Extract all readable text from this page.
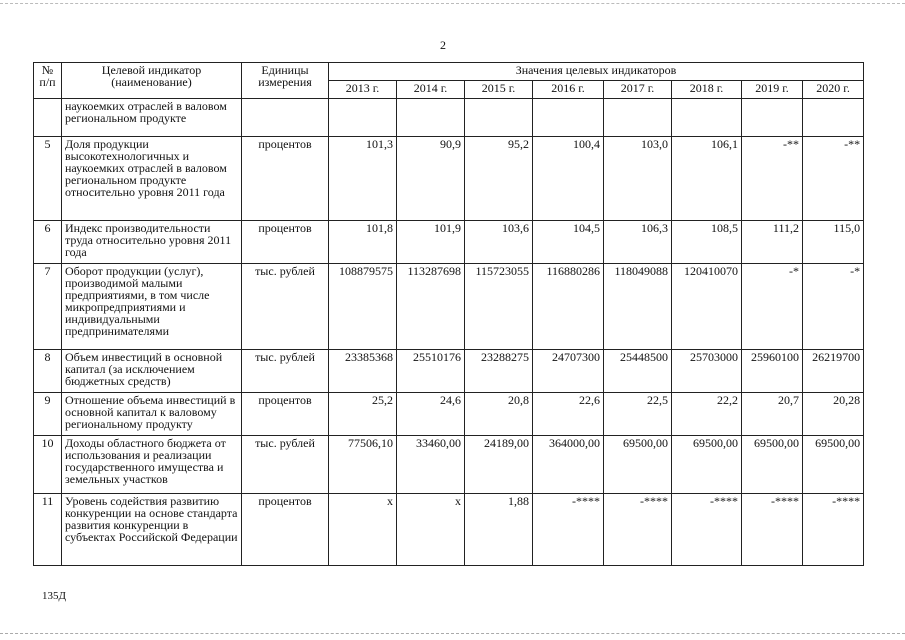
2
№ п/п	Целевой индикатор (наименование)	Единицы измерения	Значения целевых индикаторов							
			2013 г.	2014 г.	2015 г.	2016 г.	2017 г.	2018 г.	2019 г.	2020 г.
	наукоемких отраслей в валовом региональном продукте									
5	Доля продукции высокотехнологичных и наукоемких отраслей в валовом региональном продукте относительно уровня 2011 года	процентов	101,3	90,9	95,2	100,4	103,0	106,1	-**	-**
6	Индекс производительности труда относительно уровня 2011 года	процентов	101,8	101,9	103,6	104,5	106,3	108,5	111,2	115,0
7	Оборот продукции (услуг), производимой малыми предприятиями, в том числе микропредприятиями и индивидуальными предпринимателями	тыс. рублей	108879575	113287698	115723055	116880286	118049088	120410070	-*	-*
8	Объем инвестиций в основной капитал (за исключением бюджетных средств)	тыс. рублей	23385368	25510176	23288275	24707300	25448500	25703000	25960100	26219700
9	Отношение объема инвестиций в основной капитал к валовому региональному продукту	процентов	25,2	24,6	20,8	22,6	22,5	22,2	20,7	20,28
10	Доходы областного бюджета от использования и реализации государственного имущества и земельных участков	тыс. рублей	77506,10	33460,00	24189,00	364000,00	69500,00	69500,00	69500,00	69500,00
11	Уровень содействия развитию конкуренции на основе стандарта развития конкуренции в субъектах Российской Федерации	процентов	х	х	1,88	-****	-****	-****	-****	-****
135Д
